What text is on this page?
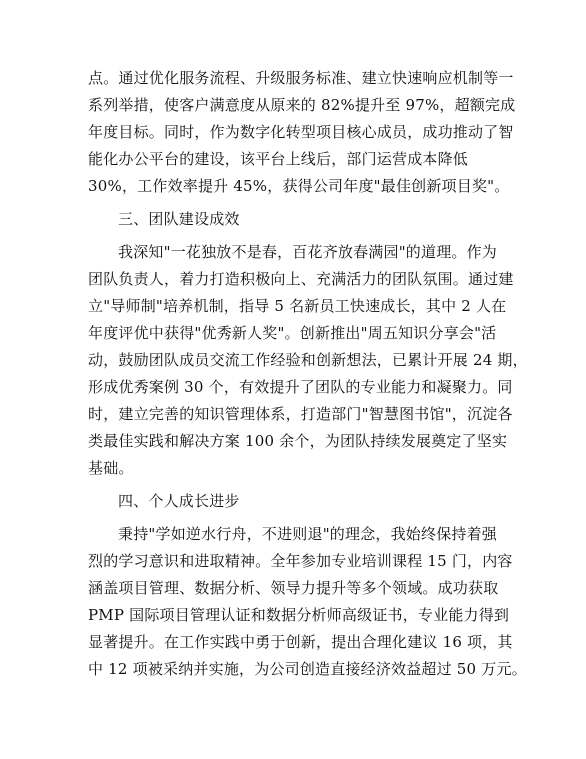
点。通过优化服务流程、升级服务标准、建立快速响应机制等一
系列举措，使客户满意度从原来的 82%提升至 97%，超额完成
年度目标。同时，作为数字化转型项目核心成员，成功推动了智
能化办公平台的建设，该平台上线后，部门运营成本降低
30%，工作效率提升 45%，获得公司年度"最佳创新项目奖"。
三、团队建设成效
我深知"一花独放不是春，百花齐放春满园"的道理。作为
团队负责人，着力打造积极向上、充满活力的团队氛围。通过建
立"导师制"培养机制，指导 5 名新员工快速成长，其中 2 人在
年度评优中获得"优秀新人奖"。创新推出"周五知识分享会"活
动，鼓励团队成员交流工作经验和创新想法，已累计开展 24 期，
形成优秀案例 30 个，有效提升了团队的专业能力和凝聚力。同
时，建立完善的知识管理体系，打造部门"智慧图书馆"，沉淀各
类最佳实践和解决方案 100 余个，为团队持续发展奠定了坚实
基础。
四、个人成长进步
秉持"学如逆水行舟，不进则退"的理念，我始终保持着强
烈的学习意识和进取精神。全年参加专业培训课程 15 门，内容
涵盖项目管理、数据分析、领导力提升等多个领域。成功获取
PMP 国际项目管理认证和数据分析师高级证书，专业能力得到
显著提升。在工作实践中勇于创新，提出合理化建议 16 项，其
中 12 项被采纳并实施，为公司创造直接经济效益超过 50 万元。
